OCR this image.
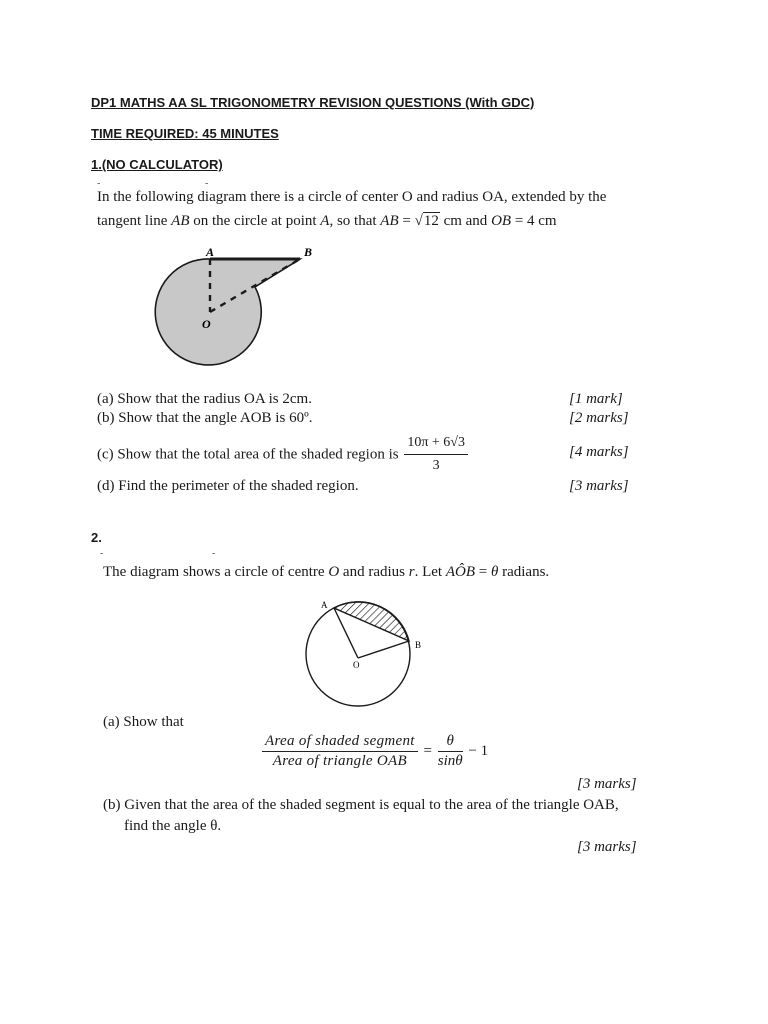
DP1 MATHS AA SL TRIGONOMETRY REVISION QUESTIONS (With GDC)
TIME REQUIRED: 45 MINUTES
1.(NO CALCULATOR)
-	-
In the following diagram there is a circle of center O and radius OA, extended by the
tangent line AB on the circle at point A, so that AB = √12 cm and OB = 4 cm
A	B
O
(a) Show that the radius OA is 2cm.	[1 mark]
(b) Show that the angle AOB is 60º.	[2 marks]
(c) Show that the total area of the shaded region is $\frac{10\pi + 6√3}{3}$	[4 marks]
(d) Find the perimeter of the shaded region.	[3 marks]
2.
-	-
The diagram shows a circle of centre O and radius r. Let AÔB = θ radians.
A
B
O
(a) Show that
$\frac{\text{Area of shaded segment}}{\text{Area of triangle OAB}} = \frac{\theta}{\sin\theta} - 1$
[3 marks]
(b) Given that the area of the shaded segment is equal to the area of the triangle OAB,
find the angle θ.
[3 marks]
